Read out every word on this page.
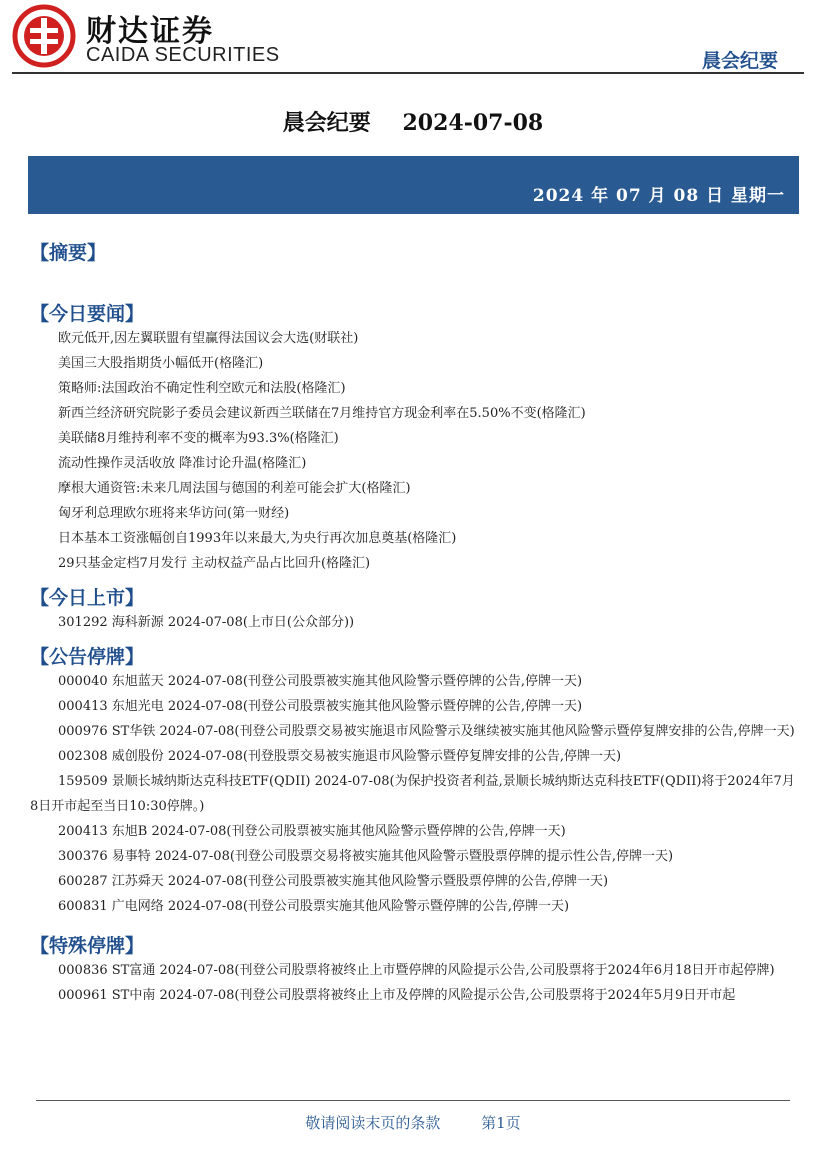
财达证券
CAIDA SECURITIES	晨会纪要
晨会纪要 2024-07-08
2024 年 07 月 08 日 星期一
【摘要】
【今日要闻】
欧元低开,因左翼联盟有望赢得法国议会大选(财联社)
美国三大股指期货小幅低开(格隆汇)
策略师:法国政治不确定性利空欧元和法股(格隆汇)
新西兰经济研究院影子委员会建议新西兰联储在7月维持官方现金利率在5.50%不变(格隆汇)
美联储8月维持利率不变的概率为93.3%(格隆汇)
流动性操作灵活收放 降准讨论升温(格隆汇)
摩根大通资管:未来几周法国与德国的利差可能会扩大(格隆汇)
匈牙利总理欧尔班将来华访问(第一财经)
日本基本工资涨幅创自1993年以来最大,为央行再次加息奠基(格隆汇)
29只基金定档7月发行 主动权益产品占比回升(格隆汇)
【今日上市】
301292 海科新源 2024-07-08(上市日(公众部分))
【公告停牌】
000040 东旭蓝天 2024-07-08(刊登公司股票被实施其他风险警示暨停牌的公告,停牌一天)
000413 东旭光电 2024-07-08(刊登公司股票被实施其他风险警示暨停牌的公告,停牌一天)
000976 ST华铁 2024-07-08(刊登公司股票交易被实施退市风险警示及继续被实施其他风险警示暨停复牌安排的公告,停牌一天)
002308 威创股份 2024-07-08(刊登股票交易被实施退市风险警示暨停复牌安排的公告,停牌一天)
159509 景顺长城纳斯达克科技ETF(QDII) 2024-07-08(为保护投资者利益,景顺长城纳斯达克科技ETF(QDII)将于2024年7月8日开市起至当日10:30停牌。)
200413 东旭B 2024-07-08(刊登公司股票被实施其他风险警示暨停牌的公告,停牌一天)
300376 易事特 2024-07-08(刊登公司股票交易将被实施其他风险警示暨股票停牌的提示性公告,停牌一天)
600287 江苏舜天 2024-07-08(刊登公司股票被实施其他风险警示暨股票停牌的公告,停牌一天)
600831 广电网络 2024-07-08(刊登公司股票实施其他风险警示暨停牌的公告,停牌一天)
【特殊停牌】
000836 ST富通 2024-07-08(刊登公司股票将被终止上市暨停牌的风险提示公告,公司股票将于2024年6月18日开市起停牌)
000961 ST中南 2024-07-08(刊登公司股票将被终止上市及停牌的风险提示公告,公司股票将于2024年5月9日开市起
敬请阅读末页的条款	第1页
